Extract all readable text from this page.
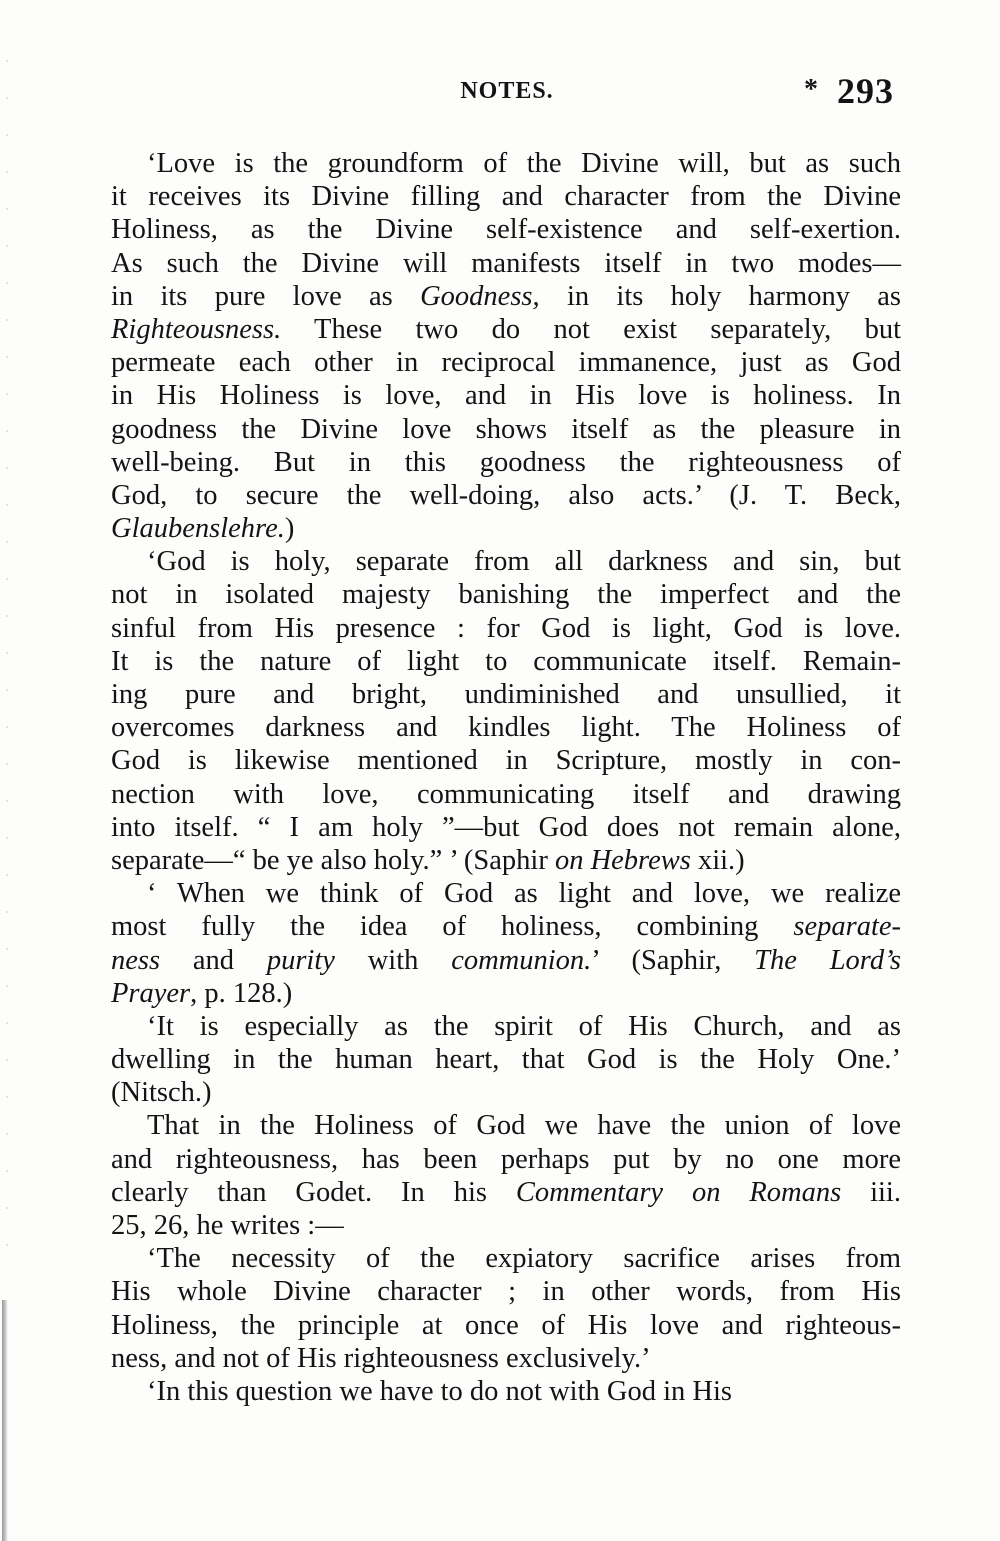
NOTES.	* 293
‘Love is the groundform of the Divine will, but as such
it receives its Divine filling and character from the Divine
Holiness, as the Divine self-existence and self-exertion.
As such the Divine will manifests itself in two modes—
in its pure love as Goodness, in its holy harmony as
Righteousness. These two do not exist separately, but
permeate each other in reciprocal immanence, just as God
in His Holiness is love, and in His love is holiness. In
goodness the Divine love shows itself as the pleasure in
well-being. But in this goodness the righteousness of
God, to secure the well-doing, also acts.’ (J. T. Beck,
Glaubenslehre.)
‘God is holy, separate from all darkness and sin, but
not in isolated majesty banishing the imperfect and the
sinful from His presence : for God is light, God is love.
It is the nature of light to communicate itself. Remain-
ing pure and bright, undiminished and unsullied, it
overcomes darkness and kindles light. The Holiness of
God is likewise mentioned in Scripture, mostly in con-
nection with love, communicating itself and drawing
into itself. “ I am holy ”—but God does not remain alone,
separate—“ be ye also holy.” ’ (Saphir on Hebrews xii.)
‘ When we think of God as light and love, we realize
most fully the idea of holiness, combining separate-
ness and purity with communion.’ (Saphir, The Lord’s
Prayer, p. 128.)
‘It is especially as the spirit of His Church, and as
dwelling in the human heart, that God is the Holy One.’
(Nitsch.)
That in the Holiness of God we have the union of love
and righteousness, has been perhaps put by no one more
clearly than Godet. In his Commentary on Romans iii.
25, 26, he writes :—
‘The necessity of the expiatory sacrifice arises from
His whole Divine character ; in other words, from His
Holiness, the principle at once of His love and righteous-
ness, and not of His righteousness exclusively.’
‘In this question we have to do not with God in His
